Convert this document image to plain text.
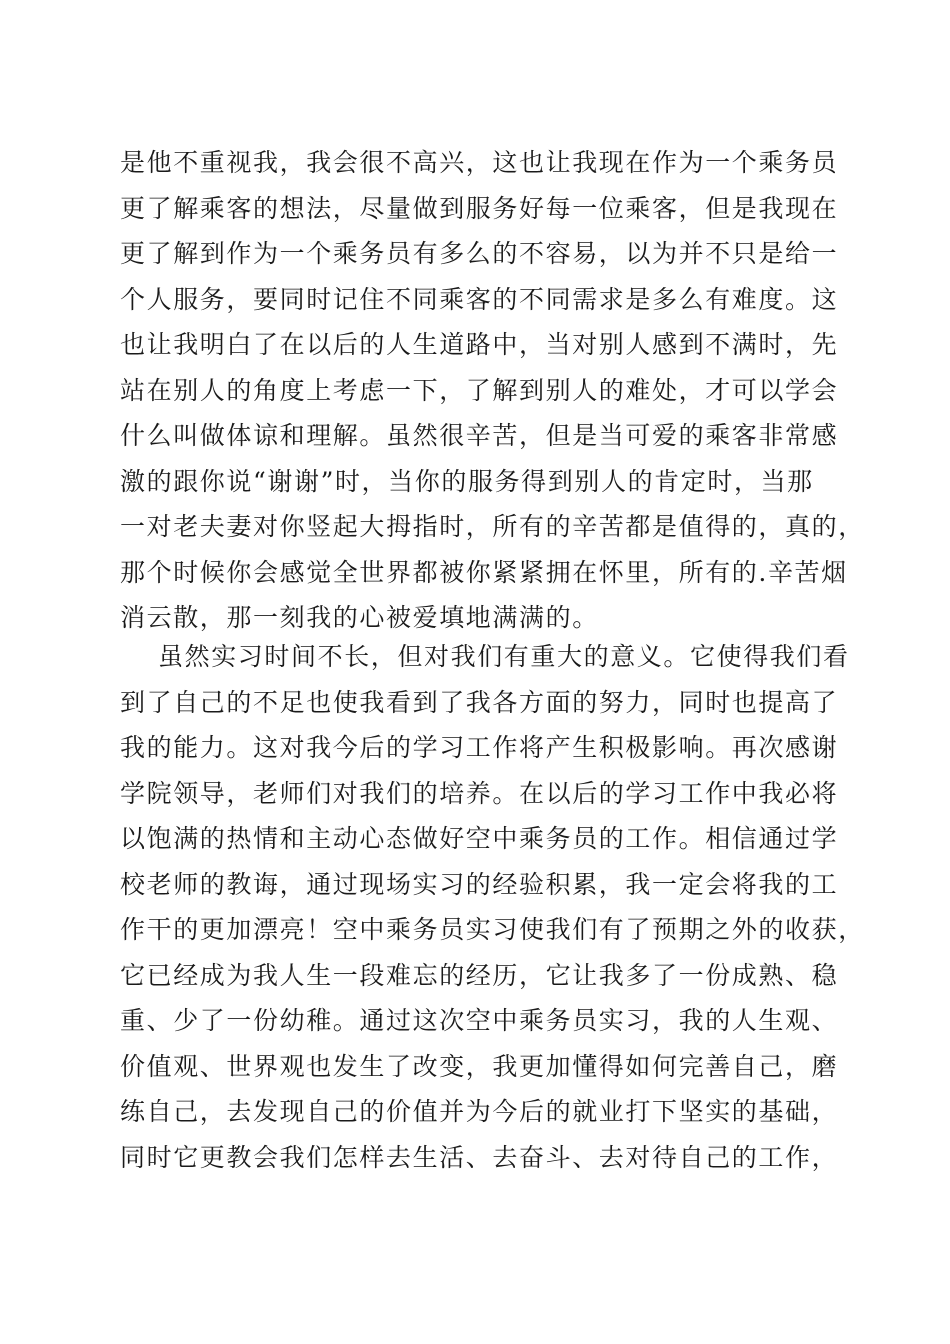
是他不重视我，我会很不高兴，这也让我现在作为一个乘务员
更了解乘客的想法，尽量做到服务好每一位乘客，但是我现在
更了解到作为一个乘务员有多么的不容易，以为并不只是给一
个人服务，要同时记住不同乘客的不同需求是多么有难度。这
也让我明白了在以后的人生道路中，当对别人感到不满时，先
站在别人的角度上考虑一下，了解到别人的难处，才可以学会
什么叫做体谅和理解。虽然很辛苦，但是当可爱的乘客非常感
激的跟你说“谢谢”时，当你的服务得到别人的肯定时，当那
一对老夫妻对你竖起大拇指时，所有的辛苦都是值得的，真的，
那个时候你会感觉全世界都被你紧紧拥在怀里，所有的.辛苦烟
消云散，那一刻我的心被爱填地满满的。
虽然实习时间不长，但对我们有重大的意义。它使得我们看
到了自己的不足也使我看到了我各方面的努力，同时也提高了
我的能力。这对我今后的学习工作将产生积极影响。再次感谢
学院领导，老师们对我们的培养。在以后的学习工作中我必将
以饱满的热情和主动心态做好空中乘务员的工作。相信通过学
校老师的教诲，通过现场实习的经验积累，我一定会将我的工
作干的更加漂亮！空中乘务员实习使我们有了预期之外的收获，
它已经成为我人生一段难忘的经历，它让我多了一份成熟、稳
重、少了一份幼稚。通过这次空中乘务员实习，我的人生观、
价值观、世界观也发生了改变，我更加懂得如何完善自己，磨
练自己，去发现自己的价值并为今后的就业打下坚实的基础，
同时它更教会我们怎样去生活、去奋斗、去对待自己的工作，
